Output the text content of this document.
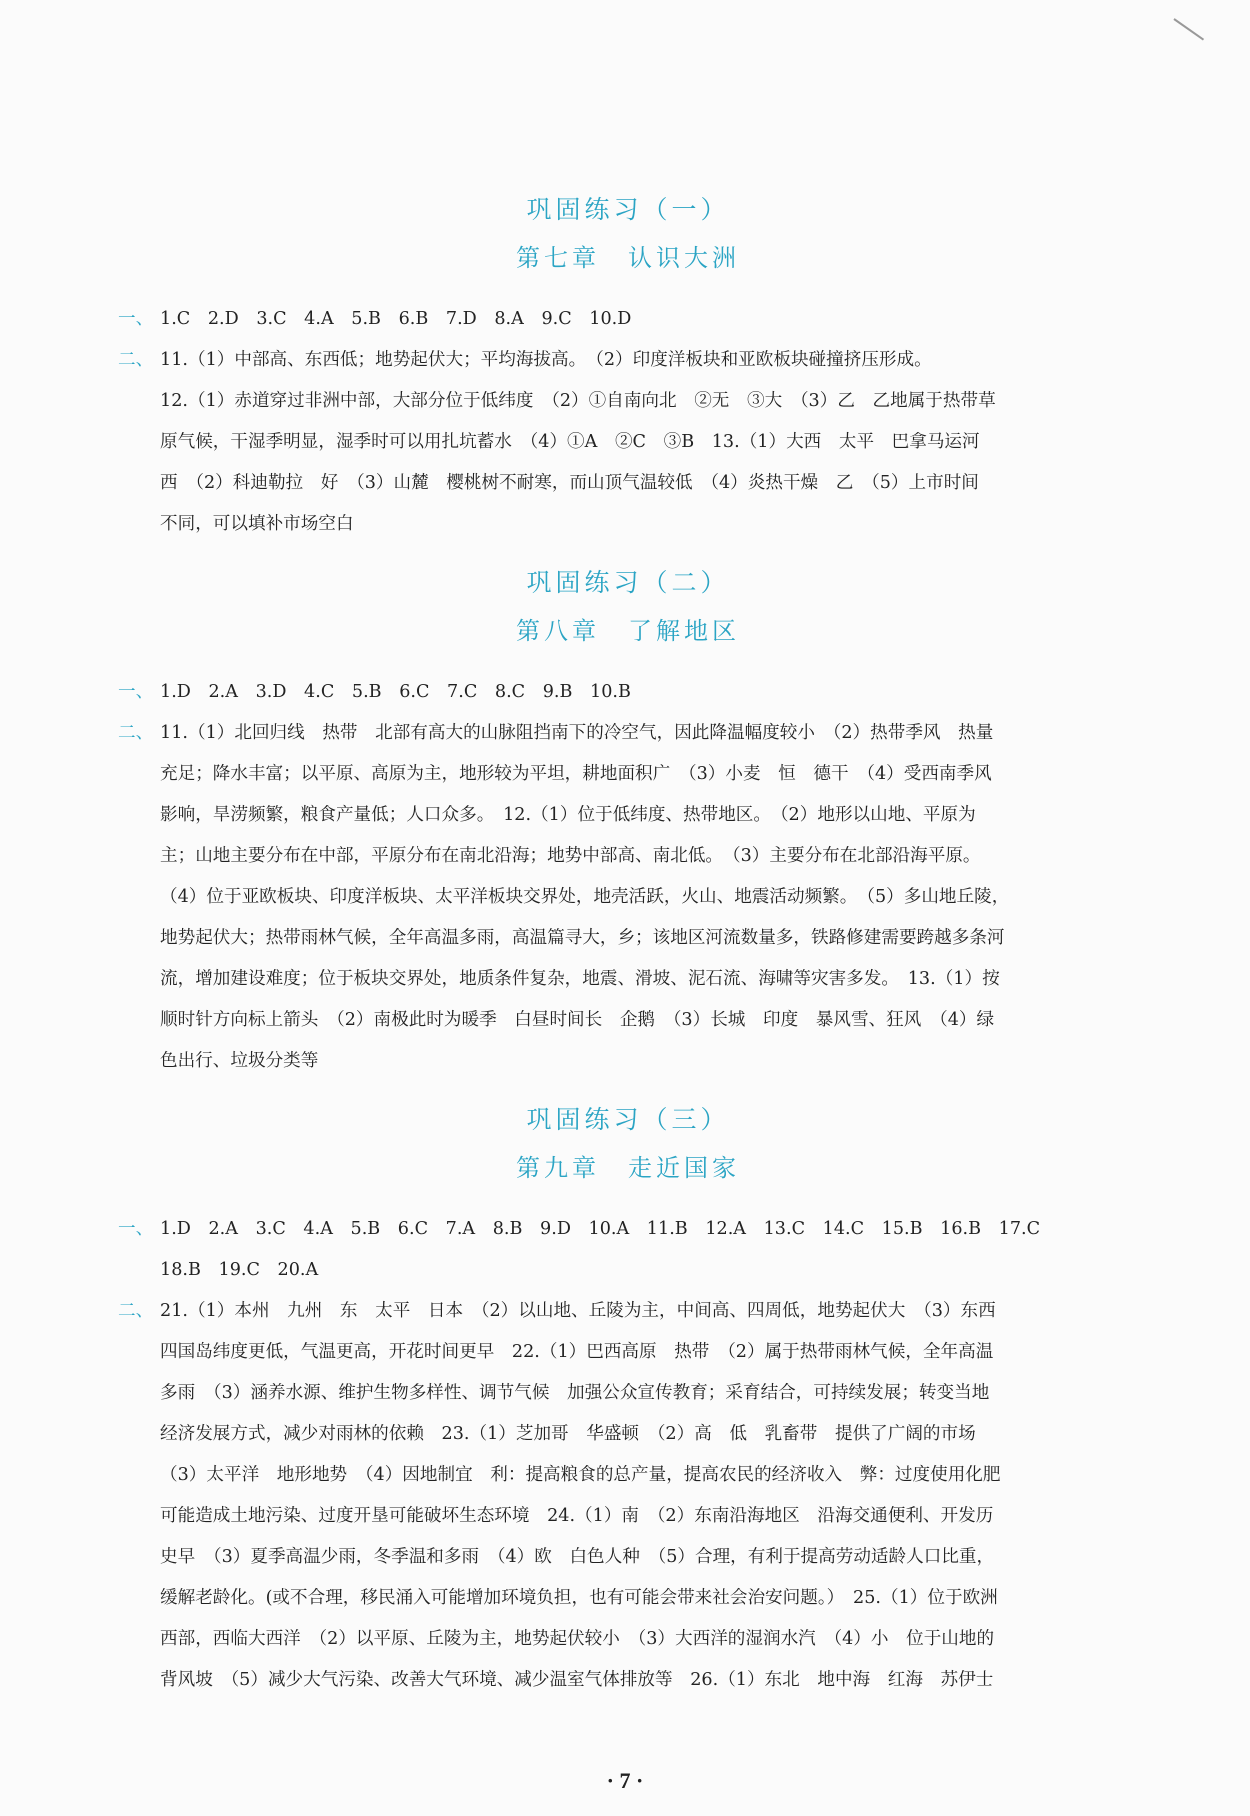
巩固练习（一）
第七章　认识大洲
一、 1.C　2.D　3.C　4.A　5.B　6.B　7.D　8.A　9.C　10.D
二、 11.（1）中部高、东西低；地势起伏大；平均海拔高。　（2）印度洋板块和亚欧板块碰撞挤压形成。
12.（1）赤道穿过非洲中部，大部分位于低纬度　（2）①自南向北　②无　③大　（3）乙　乙地属于热带草
原气候，干湿季明显，湿季时可以用扎坑蓄水　（4）①A　②C　③B　13.（1）大西　太平　巴拿马运河
西　（2）科迪勒拉　好　（3）山麓　樱桃树不耐寒，而山顶气温较低　（4）炎热干燥　乙　（5）上市时间
不同，可以填补市场空白
巩固练习（二）
第八章　了解地区
一、 1.D　2.A　3.D　4.C　5.B　6.C　7.C　8.C　9.B　10.B
二、 11.（1）北回归线　热带　北部有高大的山脉阻挡南下的冷空气，因此降温幅度较小　（2）热带季风　热量
充足；降水丰富；以平原、高原为主，地形较为平坦，耕地面积广　（3）小麦　恒　德干　（4）受西南季风
影响，旱涝频繁，粮食产量低；人口众多。　12.（1）位于低纬度、热带地区。　（2）地形以山地、平原为
主；山地主要分布在中部，平原分布在南北沿海；地势中部高、南北低。　（3）主要分布在北部沿海平原。
（4）位于亚欧板块、印度洋板块、太平洋板块交界处，地壳活跃，火山、地震活动频繁。　（5）多山地丘陵，
地势起伏大；热带雨林气候，全年高温多雨，高温篇寻大，乡；该地区河流数量多，铁路修建需要跨越多条河
流，增加建设难度；位于板块交界处，地质条件复杂，地震、滑坡、泥石流、海啸等灾害多发。　13.（1）按
顺时针方向标上箭头　（2）南极此时为暖季　白昼时间长　企鹅　（3）长城　印度　暴风雪、狂风　（4）绿
色出行、垃圾分类等
巩固练习（三）
第九章　走近国家
一、 1.D　2.A　3.C　4.A　5.B　6.C　7.A　8.B　9.D　10.A　11.B　12.A　13.C　14.C　15.B　16.B　17.C
18.B　19.C　20.A
二、 21.（1）本州　九州　东　太平　日本　（2）以山地、丘陵为主，中间高、四周低，地势起伏大　（3）东西
四国岛纬度更低，气温更高，开花时间更早　22.（1）巴西高原　热带　（2）属于热带雨林气候，全年高温
多雨　（3）涵养水源、维护生物多样性、调节气候　加强公众宣传教育；采育结合，可持续发展；转变当地
经济发展方式，减少对雨林的依赖　23.（1）芝加哥　华盛顿　（2）高　低　乳畜带　提供了广阔的市场
（3）太平洋　地形地势　（4）因地制宜　利：提高粮食的总产量，提高农民的经济收入　弊：过度使用化肥
可能造成土地污染、过度开垦可能破坏生态环境　24.（1）南　（2）东南沿海地区　沿海交通便利、开发历
史早　（3）夏季高温少雨，冬季温和多雨　（4）欧　白色人种　（5）合理，有利于提高劳动适龄人口比重，
缓解老龄化。(或不合理，移民涌入可能增加环境负担，也有可能会带来社会治安问题。）　25.（1）位于欧洲
西部，西临大西洋　（2）以平原、丘陵为主，地势起伏较小　（3）大西洋的湿润水汽　（4）小　位于山地的
背风坡　（5）减少大气污染、改善大气环境、减少温室气体排放等　26.（1）东北　地中海　红海　苏伊士
· 7 ·
